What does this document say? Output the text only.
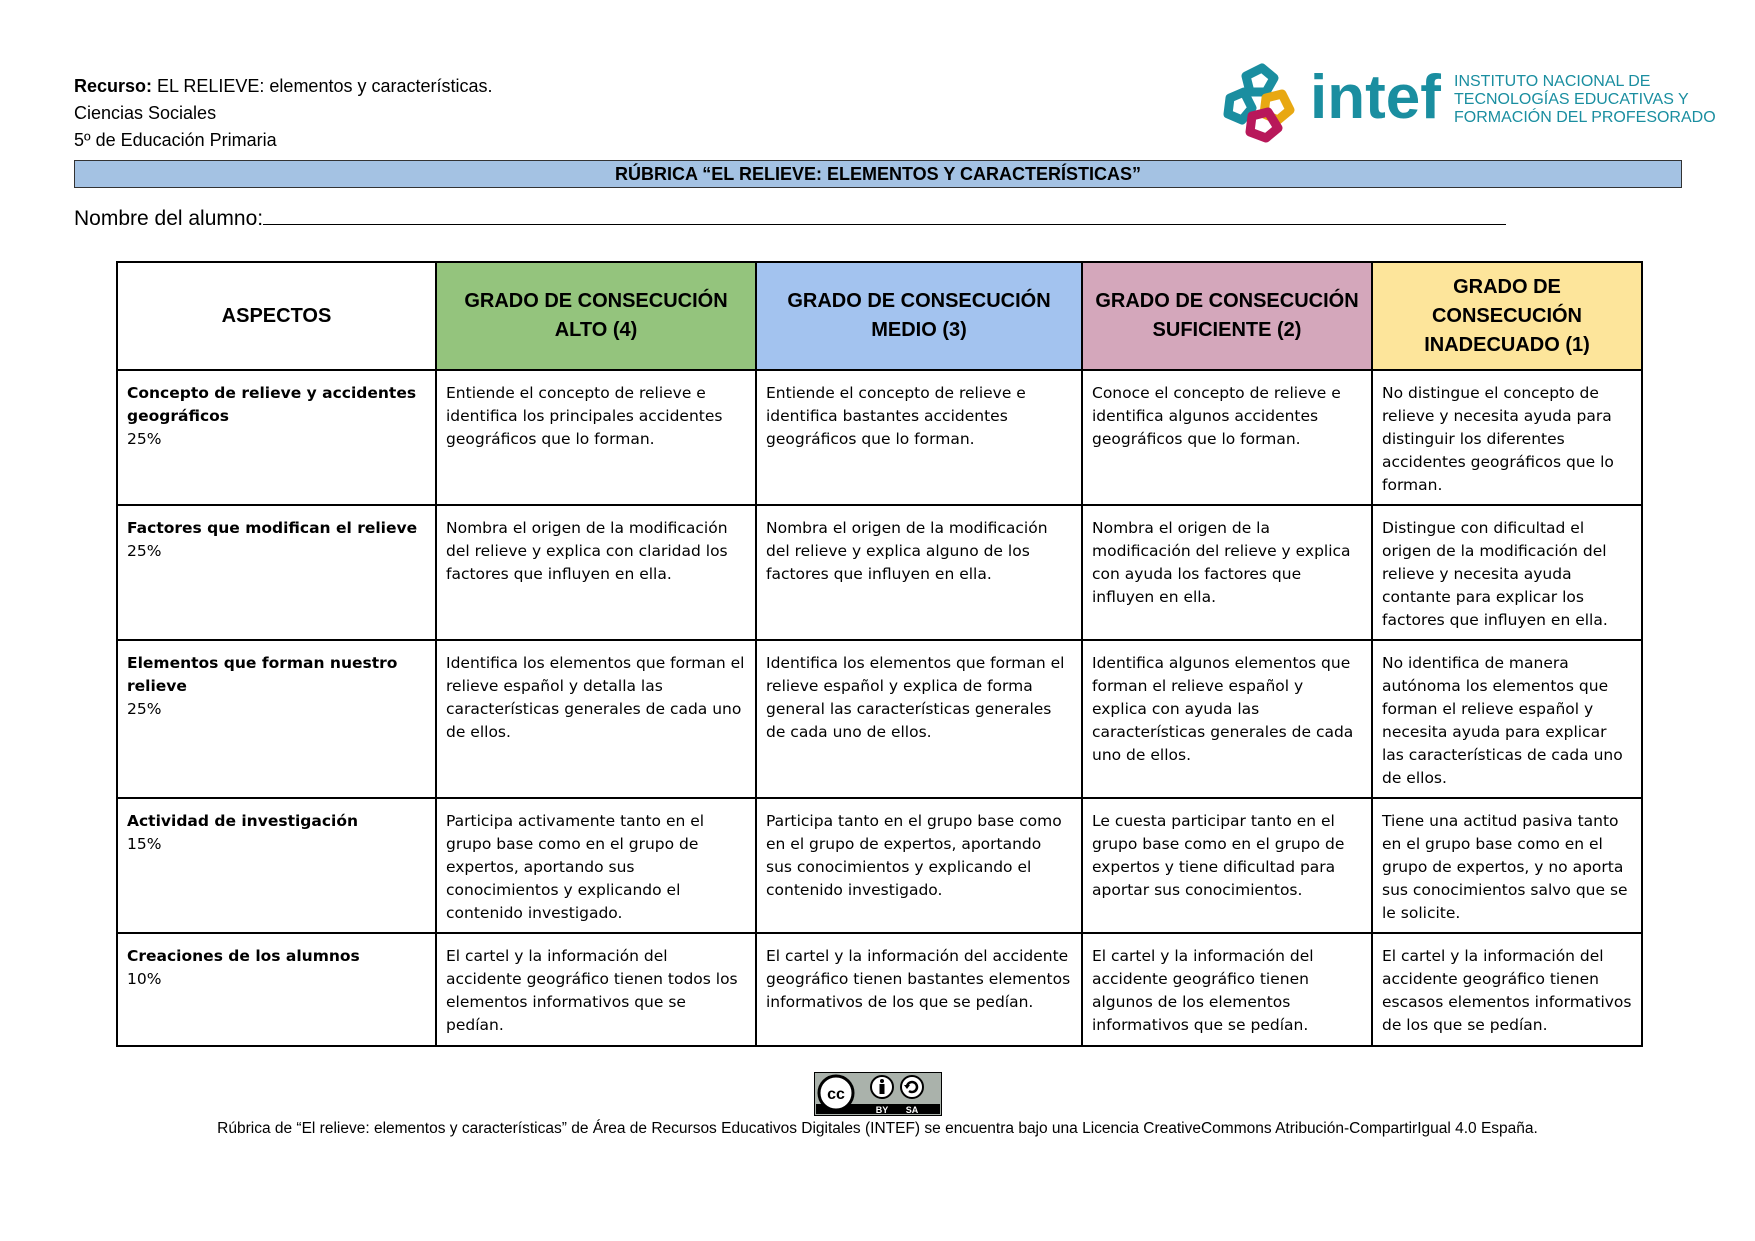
Recurso: EL RELIEVE: elementos y características.
Ciencias Sociales
5º de Educación Primaria
intef INSTITUTO NACIONAL DE
TECNOLOGÍAS EDUCATIVAS Y
FORMACIÓN DEL PROFESORADO
RÚBRICA “EL RELIEVE: ELEMENTOS Y CARACTERÍSTICAS”
Nombre del alumno:
ASPECTOS	GRADO DE CONSECUCIÓN ALTO (4)	GRADO DE CONSECUCIÓN MEDIO (3)	GRADO DE CONSECUCIÓN SUFICIENTE (2)	GRADO DE CONSECUCIÓN INADECUADO (1)

Concepto de relieve y accidentes geográficos
25%	Entiende el concepto de relieve e identifica los principales accidentes geográficos que lo forman.	Entiende el concepto de relieve e identifica bastantes accidentes geográficos que lo forman.	Conoce el concepto de relieve e identifica algunos accidentes geográficos que lo forman.	No distingue el concepto de relieve y necesita ayuda para distinguir los diferentes accidentes geográficos que lo forman.

Factores que modifican el relieve
25%	Nombra el origen de la modificación del relieve y explica con claridad los factores que influyen en ella.	Nombra el origen de la modificación del relieve y explica alguno de los factores que influyen en ella.	Nombra el origen de la modificación del relieve y explica con ayuda los factores que influyen en ella.	Distingue con dificultad el origen de la modificación del relieve y necesita ayuda contante para explicar los factores que influyen en ella.

Elementos que forman nuestro relieve
25%	Identifica los elementos que forman el relieve español y detalla las características generales de cada uno de ellos.	Identifica los elementos que forman el relieve español y explica de forma general las características generales de cada uno de ellos.	Identifica algunos elementos que forman el relieve español y explica con ayuda las características generales de cada uno de ellos.	No identifica de manera autónoma los elementos que forman el relieve español y necesita ayuda para explicar las características de cada uno de ellos.

Actividad de investigación
15%	Participa activamente tanto en el grupo base como en el grupo de expertos, aportando sus conocimientos y explicando el contenido investigado.	Participa tanto en el grupo base como en el grupo de expertos, aportando sus conocimientos y explicando el contenido investigado.	Le cuesta participar tanto en el grupo base como en el grupo de expertos y tiene dificultad para aportar sus conocimientos.	Tiene una actitud pasiva tanto en el grupo base como en el grupo de expertos, y no aporta sus conocimientos salvo que se le solicite.

Creaciones de los alumnos
10%	El cartel y la información del accidente geográfico tienen todos los elementos informativos que se pedían.	El cartel y la información del accidente geográfico tienen bastantes elementos informativos de los que se pedían.	El cartel y la información del accidente geográfico tienen algunos de los elementos informativos que se pedían.	El cartel y la información del accidente geográfico tienen escasos elementos informativos de los que se pedían.
cc
BY SA
Rúbrica de “El relieve: elementos y características” de Área de Recursos Educativos Digitales (INTEF) se encuentra bajo una Licencia CreativeCommons Atribución-CompartirIgual 4.0 España.
